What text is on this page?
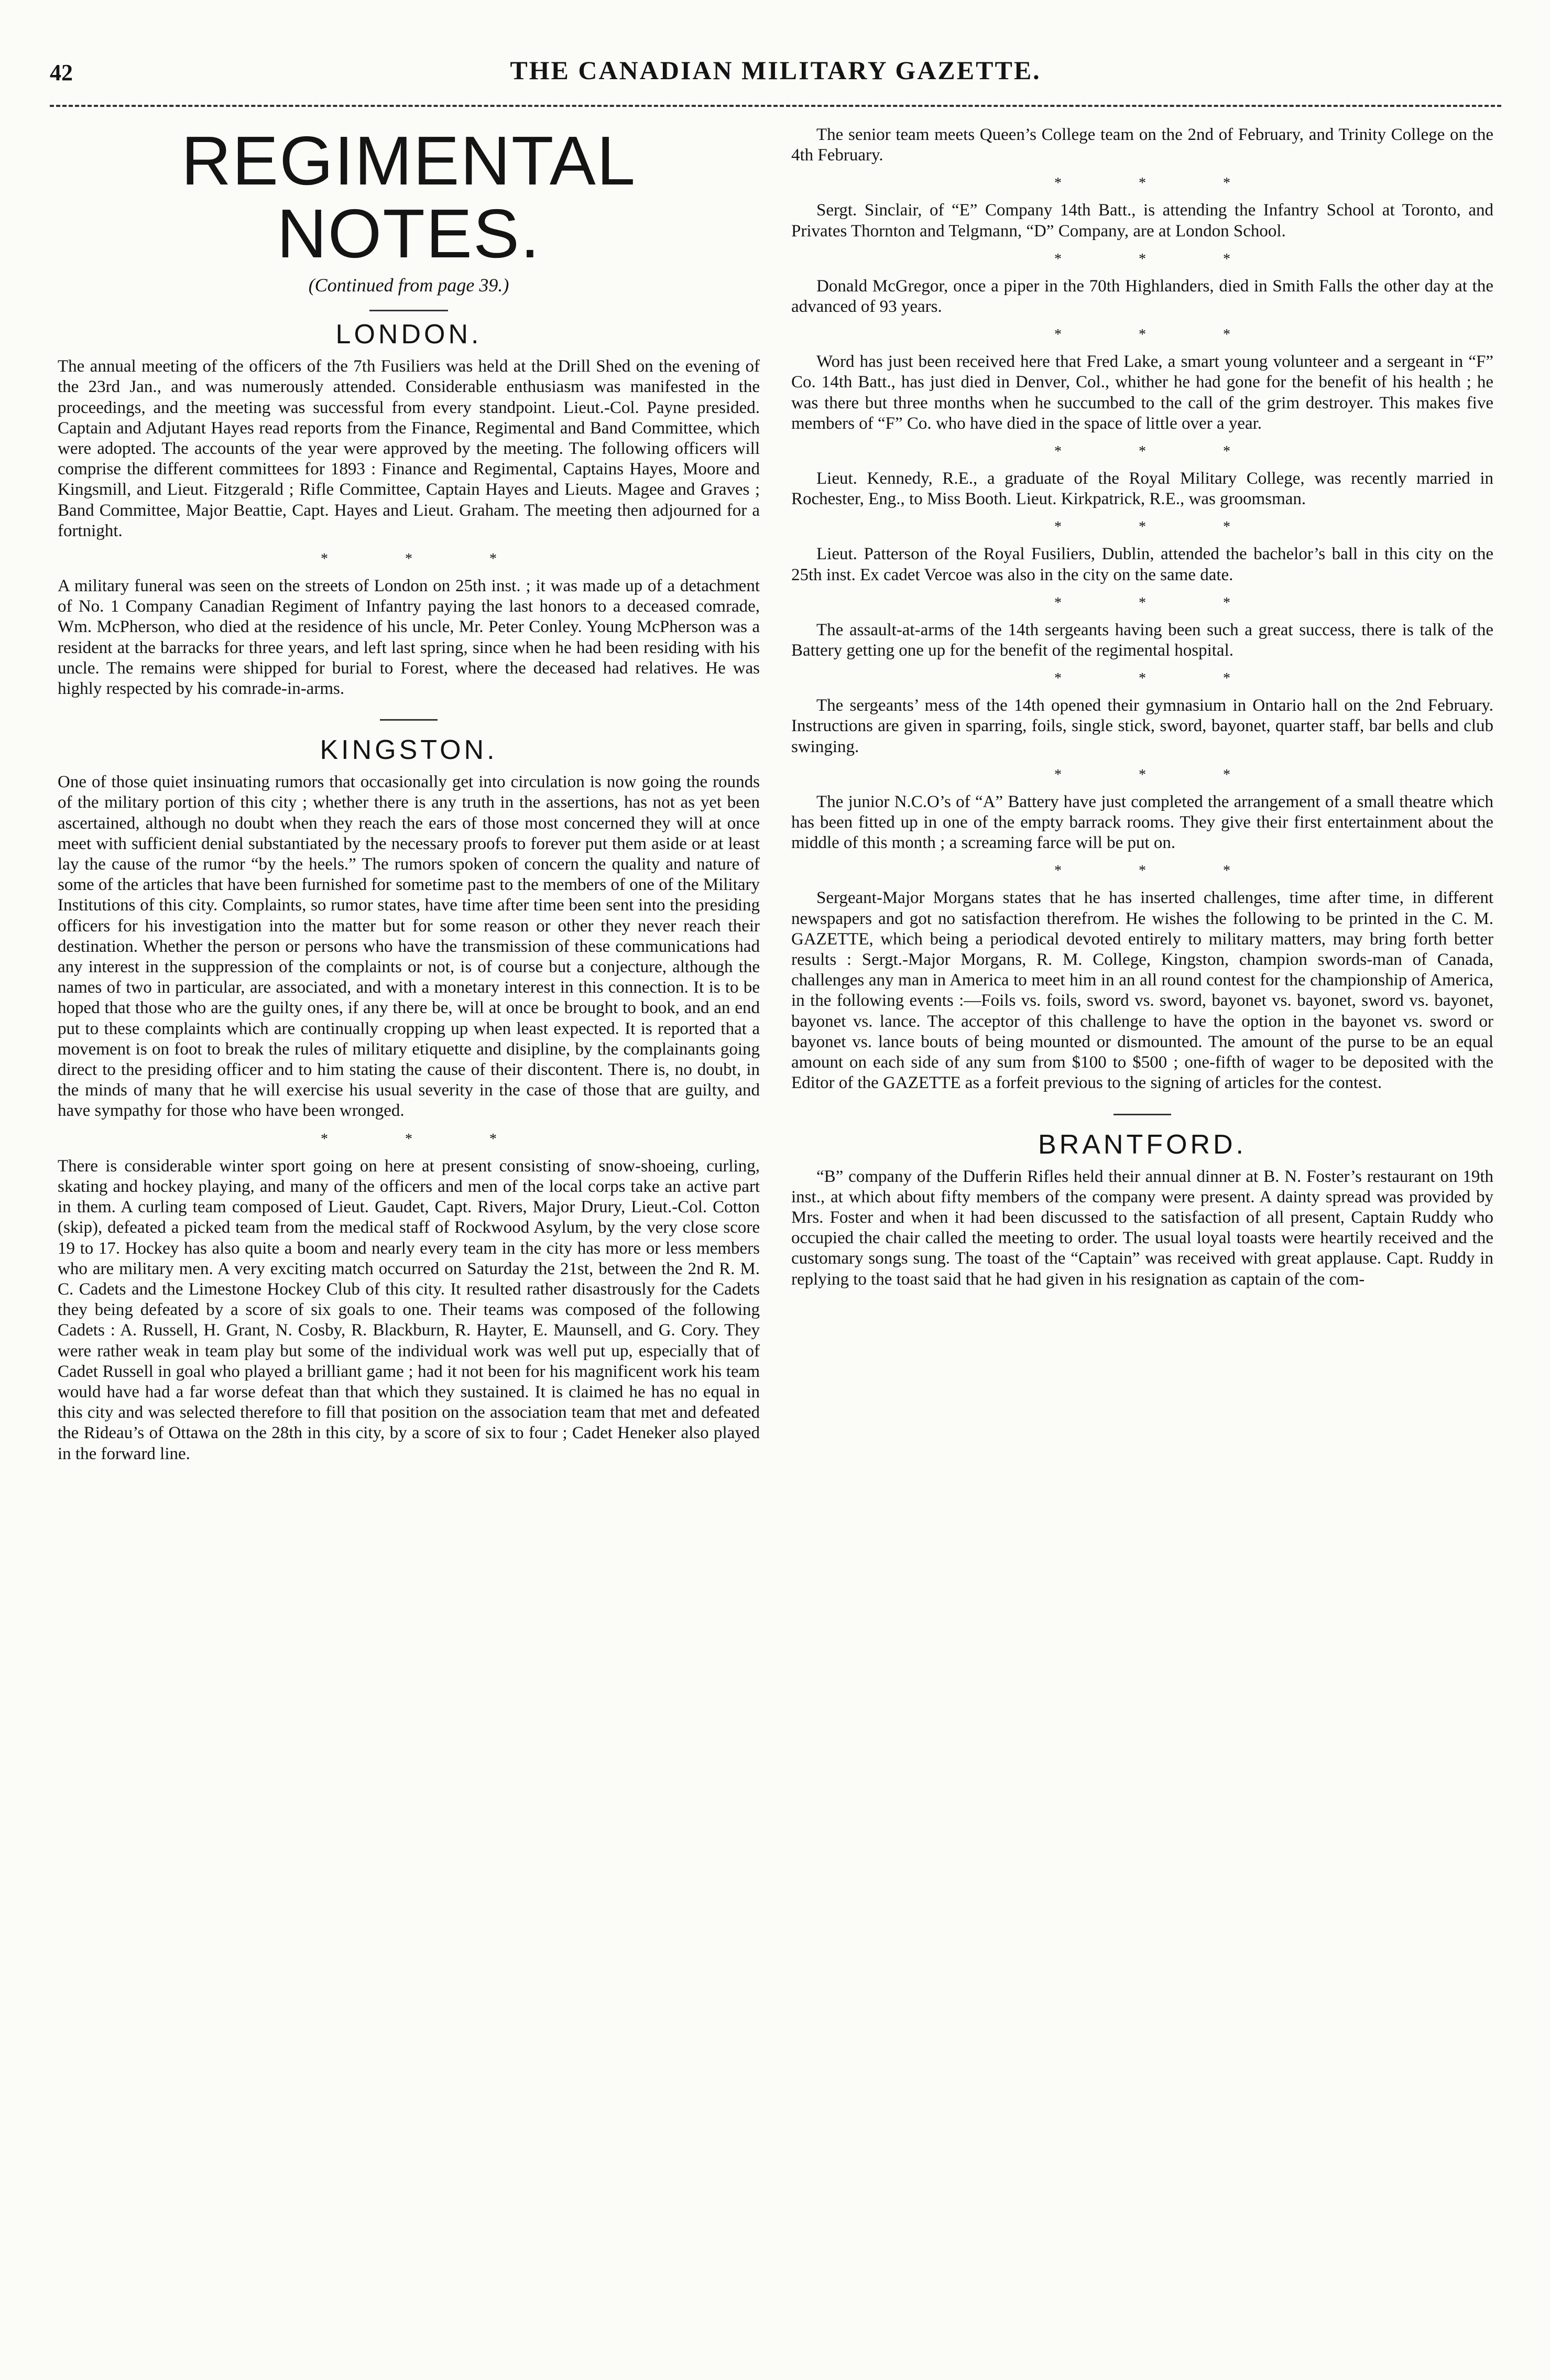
42	THE CANADIAN MILITARY GAZETTE.
REGIMENTAL NOTES.
(Continued from page 39.)
LONDON.

The annual meeting of the officers of the 7th Fusiliers was held at the Drill Shed on the evening of the 23rd Jan., and was numerously attended. Considerable enthusiasm was manifested in the proceedings, and the meeting was successful from every standpoint. Lieut.-Col. Payne presided. Captain and Adjutant Hayes read reports from the Finance, Regimental and Band Committee, which were adopted. The accounts of the year were approved by the meeting. The following officers will comprise the different committees for 1893 : Finance and Regimental, Captains Hayes, Moore and Kingsmill, and Lieut. Fitzgerald ; Rifle Committee, Captain Hayes and Lieuts. Magee and Graves ; Band Committee, Major Beattie, Capt. Hayes and Lieut. Graham. The meeting then adjourned for a fortnight.

* * *

A military funeral was seen on the streets of London on 25th inst. ; it was made up of a detachment of No. 1 Company Canadian Regiment of Infantry paying the last honors to a deceased comrade, Wm. McPherson, who died at the residence of his uncle, Mr. Peter Conley. Young McPherson was a resident at the barracks for three years, and left last spring, since when he had been residing with his uncle. The remains were shipped for burial to Forest, where the deceased had relatives. He was highly respected by his comrade-in-arms.

KINGSTON.

One of those quiet insinuating rumors that occasionally get into circulation is now going the rounds of the military portion of this city ; whether there is any truth in the assertions, has not as yet been ascertained, although no doubt when they reach the ears of those most concerned they will at once meet with sufficient denial substantiated by the necessary proofs to forever put them aside or at least lay the cause of the rumor “by the heels.” The rumors spoken of concern the quality and nature of some of the articles that have been furnished for sometime past to the members of one of the Military Institutions of this city. Complaints, so rumor states, have time after time been sent into the presiding officers for his investigation into the matter but for some reason or other they never reach their destination. Whether the person or persons who have the transmission of these communications had any interest in the suppression of the complaints or not, is of course but a conjecture, although the names of two in particular, are associated, and with a monetary interest in this connection. It is to be hoped that those who are the guilty ones, if any there be, will at once be brought to book, and an end put to these complaints which are continually cropping up when least expected. It is reported that a movement is on foot to break the rules of military etiquette and disipline, by the complainants going direct to the presiding officer and to him stating the cause of their discontent. There is, no doubt, in the minds of many that he will exercise his usual severity in the case of those that are guilty, and have sympathy for those who have been wronged.

* * *

There is considerable winter sport going on here at present consisting of snow-shoeing, curling, skating and hockey playing, and many of the officers and men of the local corps take an active part in them. A curling team composed of Lieut. Gaudet, Capt. Rivers, Major Drury, Lieut.-Col. Cotton (skip), defeated a picked team from the medical staff of Rockwood Asylum, by the very close score 19 to 17. Hockey has also quite a boom and nearly every team in the city has more or less members who are military men. A very exciting match occurred on Saturday the 21st, between the 2nd R. M. C. Cadets and the Limestone Hockey Club of this city. It resulted rather disastrously for the Cadets they being defeated by a score of six goals to one. Their teams was composed of the following Cadets : A. Russell, H. Grant, N. Cosby, R. Blackburn, R. Hayter, E. Maunsell, and G. Cory. They were rather weak in team play but some of the individual work was well put up, especially that of Cadet Russell in goal who played a brilliant game ; had it not been for his magnificent work his team would have had a far worse defeat than that which they sustained. It is claimed he has no equal in this city and was selected therefore to fill that position on the association team that met and defeated the Rideau’s of Ottawa on the 28th in this city, by a score of six to four ; Cadet Heneker also played in the forward line.

The senior team meets Queen’s College team on the 2nd of February, and Trinity College on the 4th February.

* * *

Sergt. Sinclair, of “E” Company 14th Batt., is attending the Infantry School at Toronto, and Privates Thornton and Telgmann, “D” Company, are at London School.

* * *

Donald McGregor, once a piper in the 70th Highlanders, died in Smith Falls the other day at the advanced of 93 years.

* * *

Word has just been received here that Fred Lake, a smart young volunteer and a sergeant in “F” Co. 14th Batt., has just died in Denver, Col., whither he had gone for the benefit of his health ; he was there but three months when he succumbed to the call of the grim destroyer. This makes five members of “F” Co. who have died in the space of little over a year.

* * *

Lieut. Kennedy, R.E., a graduate of the Royal Military College, was recently married in Rochester, Eng., to Miss Booth. Lieut. Kirkpatrick, R.E., was groomsman.

* * *

Lieut. Patterson of the Royal Fusiliers, Dublin, attended the bachelor’s ball in this city on the 25th inst. Ex cadet Vercoe was also in the city on the same date.

* * *

The assault-at-arms of the 14th sergeants having been such a great success, there is talk of the Battery getting one up for the benefit of the regimental hospital.

* * *

The sergeants’ mess of the 14th opened their gymnasium in Ontario hall on the 2nd February. Instructions are given in sparring, foils, single stick, sword, bayonet, quarter staff, bar bells and club swinging.

* * *

The junior N.C.O’s of “A” Battery have just completed the arrangement of a small theatre which has been fitted up in one of the empty barrack rooms. They give their first entertainment about the middle of this month ; a screaming farce will be put on.

* * *

Sergeant-Major Morgans states that he has inserted challenges, time after time, in different newspapers and got no satisfaction therefrom. He wishes the following to be printed in the C. M. GAZETTE, which being a periodical devoted entirely to military matters, may bring forth better results : Sergt.-Major Morgans, R. M. College, Kingston, champion swords-man of Canada, challenges any man in America to meet him in an all round contest for the championship of America, in the following events :—Foils vs. foils, sword vs. sword, bayonet vs. bayonet, sword vs. bayonet, bayonet vs. lance. The acceptor of this challenge to have the option in the bayonet vs. sword or bayonet vs. lance bouts of being mounted or dismounted. The amount of the purse to be an equal amount on each side of any sum from $100 to $500 ; one-fifth of wager to be deposited with the Editor of the GAZETTE as a forfeit previous to the signing of articles for the contest.

BRANTFORD.

“B” company of the Dufferin Rifles held their annual dinner at B. N. Foster’s restaurant on 19th inst., at which about fifty members of the company were present. A dainty spread was provided by Mrs. Foster and when it had been discussed to the satisfaction of all present, Captain Ruddy who occupied the chair called the meeting to order. The usual loyal toasts were heartily received and the customary songs sung. The toast of the “Captain” was received with great applause. Capt. Ruddy in replying to the toast said that he had given in his resignation as captain of the com-
